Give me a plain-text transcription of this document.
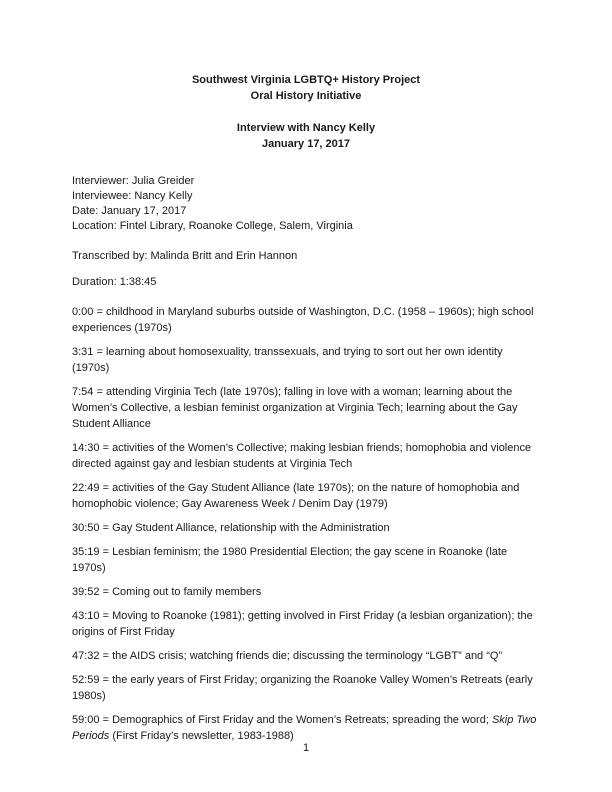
Southwest Virginia LGBTQ+ History Project
Oral History Initiative
Interview with Nancy Kelly
January 17, 2017
Interviewer: Julia Greider
Interviewee: Nancy Kelly
Date: January 17, 2017
Location: Fintel Library, Roanoke College, Salem, Virginia
Transcribed by: Malinda Britt and Erin Hannon
Duration: 1:38:45

0:00 = childhood in Maryland suburbs outside of Washington, D.C. (1958 – 1960s); high school experiences (1970s)

3:31 = learning about homosexuality, transsexuals, and trying to sort out her own identity (1970s)

7:54 = attending Virginia Tech (late 1970s); falling in love with a woman; learning about the Women’s Collective, a lesbian feminist organization at Virginia Tech; learning about the Gay Student Alliance

14:30 = activities of the Women’s Collective; making lesbian friends; homophobia and violence directed against gay and lesbian students at Virginia Tech

22:49 = activities of the Gay Student Alliance (late 1970s); on the nature of homophobia and homophobic violence; Gay Awareness Week / Denim Day (1979)

30:50 = Gay Student Alliance, relationship with the Administration

35:19 = Lesbian feminism; the 1980 Presidential Election; the gay scene in Roanoke (late 1970s)

39:52 = Coming out to family members

43:10 = Moving to Roanoke (1981); getting involved in First Friday (a lesbian organization); the origins of First Friday

47:32 = the AIDS crisis; watching friends die; discussing the terminology “LGBT” and “Q”

52:59 = the early years of First Friday; organizing the Roanoke Valley Women’s Retreats (early 1980s)

59:00 = Demographics of First Friday and the Women’s Retreats; spreading the word; Skip Two Periods (First Friday’s newsletter, 1983-1988)

1
